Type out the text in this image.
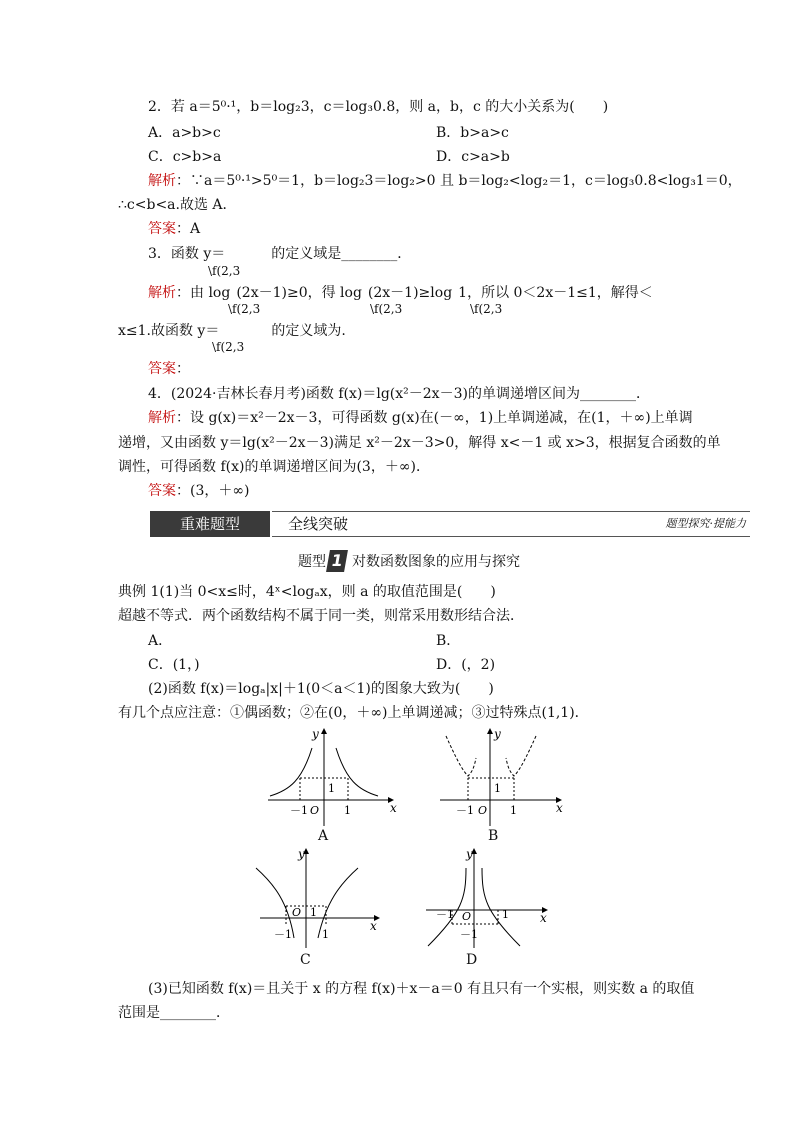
2．若 a＝5⁰·¹，b＝log₂3，c＝log₃0.8，则 a，b，c 的大小关系为(　　)
A．a>b>c	B．b>a>c
C．c>b>a	D．c>a>b
解析：∵a＝5⁰·¹>5⁰＝1，b＝log₂3＝log₂>0 且 b＝log₂<log₂＝1，c＝log₃0.8<log₃1＝0，
∴c<b<a.故选 A．
答案：A
3．函数 y＝	的定义域是________．
\f(2,3
解析：由 log (2x－1)≥0，得 log (2x－1)≥log 1，所以 0＜2x－1≤1，解得＜
\f(2,3	\f(2,3	\f(2,3
x≤1.故函数 y＝	的定义域为.
\f(2,3
答案：
4．(2024·吉林长春月考)函数 f(x)＝lg(x²－2x－3)的单调递增区间为________．
解析：设 g(x)＝x²－2x－3，可得函数 g(x)在(－∞，1)上单调递减，在(1，＋∞)上单调
递增，又由函数 y＝lg(x²－2x－3)满足 x²－2x－3>0，解得 x<－1 或 x>3，根据复合函数的单
调性，可得函数 f(x)的单调递增区间为(3，＋∞)．
答案：(3，＋∞)
重难题型	全线突破	题型探究·提能力
题型 1 对数函数图象的应用与探究
典例 1(1)当 0<x≤时，4ˣ<logₐx，则 a 的取值范围是(　　)
超越不等式．两个函数结构不属于同一类，则常采用数形结合法．
A．	B．
C．(1，)	D．(，2)
(2)函数 f(x)＝logₐ|x|＋1(0＜a＜1)的图象大致为(　　)
有几个点应注意：①偶函数；②在(0，＋∞)上单调递减；③过特殊点(1,1)．
y
x
1
－1 O 1
A
y
x
1
－1 O 1
B
y
x
1
－1
O
1
C
y
x
1
－1 O
－1
D
(3)已知函数 f(x)＝且关于 x 的方程 f(x)＋x－a＝0 有且只有一个实根，则实数 a 的取值
范围是________．
